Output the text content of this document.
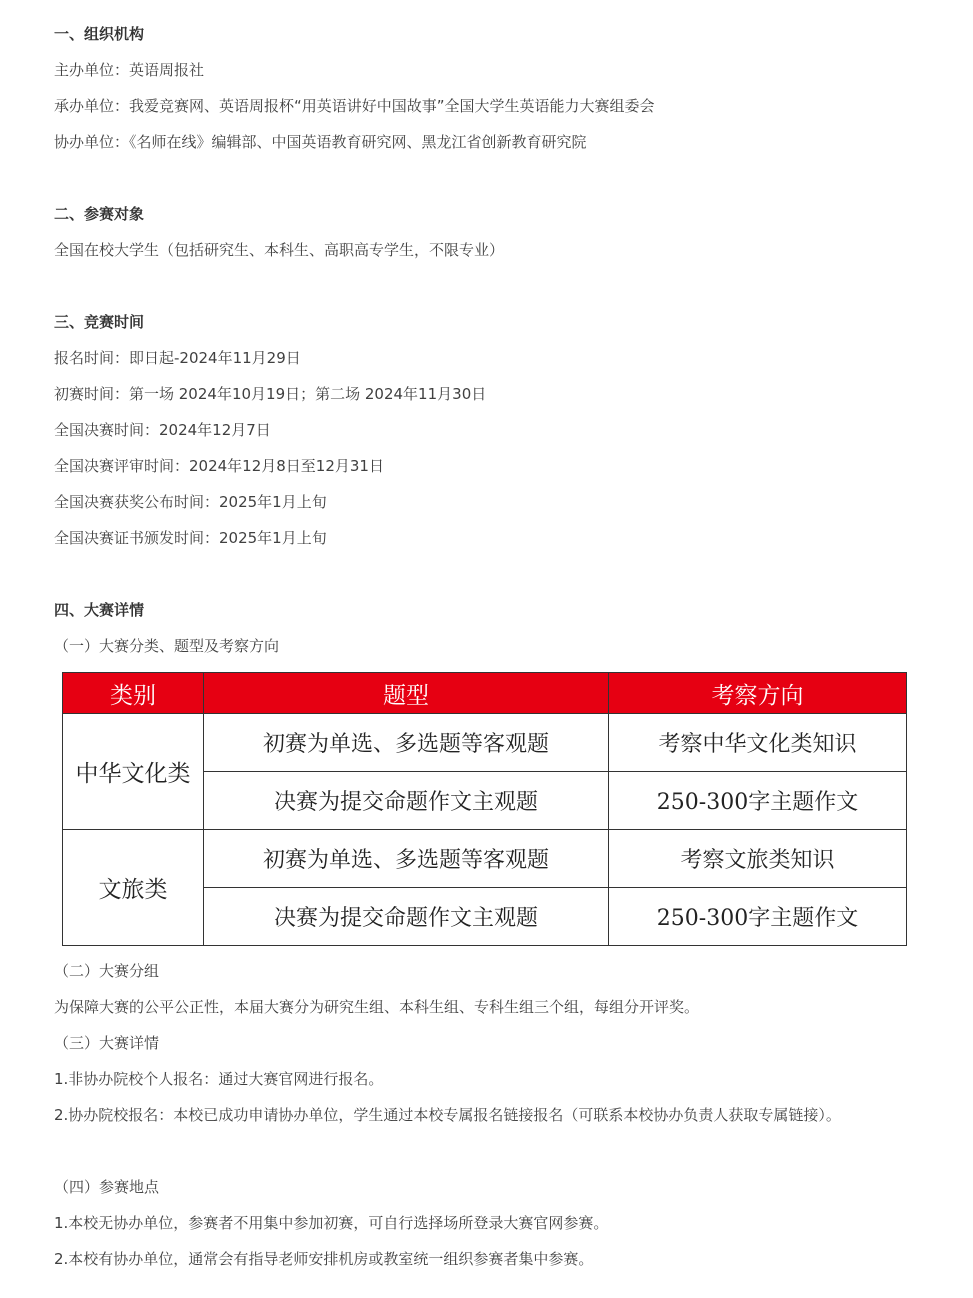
一、组织机构
主办单位：英语周报社
承办单位：我爱竞赛网、英语周报杯“用英语讲好中国故事”全国大学生英语能力大赛组委会
协办单位：《名师在线》编辑部、中国英语教育研究网、黑龙江省创新教育研究院
二、参赛对象
全国在校大学生（包括研究生、本科生、高职高专学生，不限专业）
三、竞赛时间
报名时间：即日起-2024年11月29日
初赛时间：第一场 2024年10月19日；第二场 2024年11月30日
全国决赛时间：2024年12月7日
全国决赛评审时间：2024年12月8日至12月31日
全国决赛获奖公布时间：2025年1月上旬
全国决赛证书颁发时间：2025年1月上旬
四、大赛详情
（一）大赛分类、题型及考察方向
类别	题型	考察方向
中华文化类	初赛为单选、多选题等客观题	考察中华文化类知识
	决赛为提交命题作文主观题	250-300字主题作文
文旅类	初赛为单选、多选题等客观题	考察文旅类知识
	决赛为提交命题作文主观题	250-300字主题作文
（二）大赛分组
为保障大赛的公平公正性，本届大赛分为研究生组、本科生组、专科生组三个组，每组分开评奖。
（三）大赛详情
1.非协办院校个人报名：通过大赛官网进行报名。
2.协办院校报名：本校已成功申请协办单位，学生通过本校专属报名链接报名（可联系本校协办负责人获取专属链接）。
（四）参赛地点
1.本校无协办单位，参赛者不用集中参加初赛，可自行选择场所登录大赛官网参赛。
2.本校有协办单位，通常会有指导老师安排机房或教室统一组织参赛者集中参赛。
